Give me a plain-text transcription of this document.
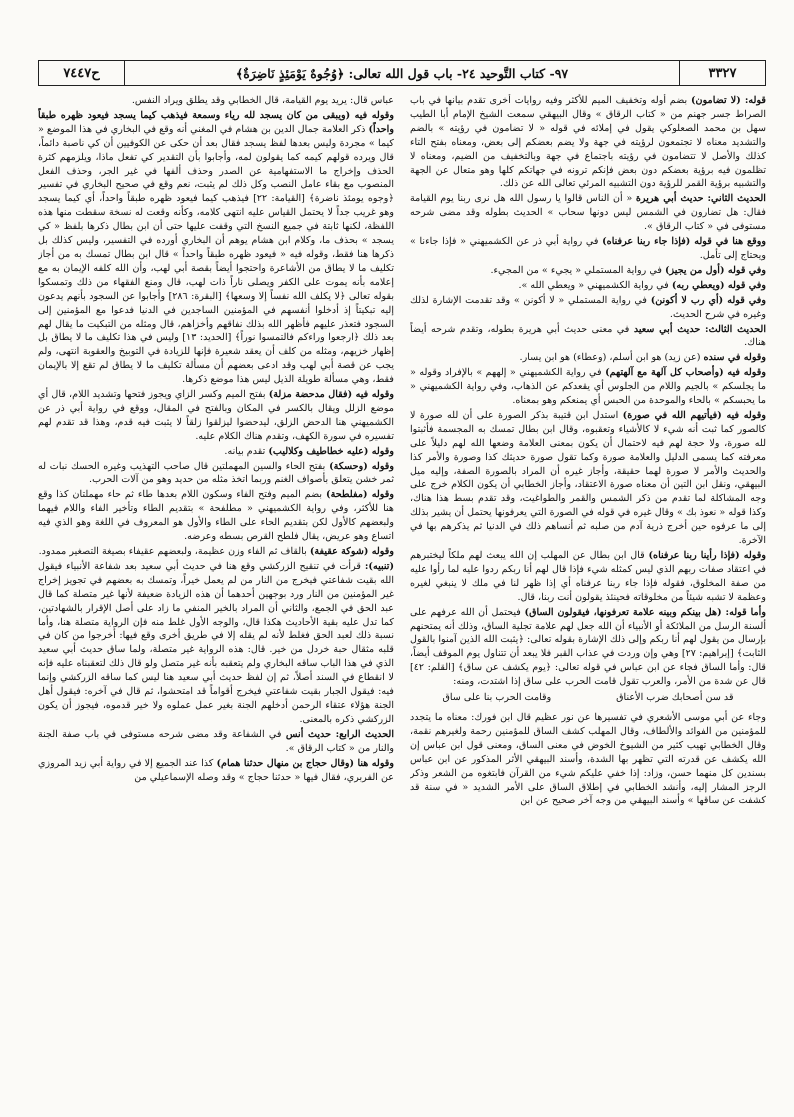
٣٣٢٧
٩٧- كتاب التَّوحيد ٢٤- باب قول الله تعالى: ﴿وُجُوهٌ يَوْمَئِذٍ نَاضِرَةٌ﴾
ح٧٤٤٧

قوله: (لا تضامون) بضم أوله وتخفيف الميم للأكثر وفيه روايات أخرى تقدم بيانها في باب الصراط جسر جهنم من « كتاب الرقاق » وقال البيهقي سمعت الشيخ الإمام أبا الطيب سهل بن محمد الصعلوكي يقول في إملائه في قوله « لا تضامون في رؤيته » بالضم والتشديد معناه لا تجتمعون لرؤيته في جهة ولا يضم بعضكم إلى بعض، ومعناه بفتح التاء كذلك والأصل لا تتضامون في رؤيته باجتماع في جهة وبالتخفيف من الضيم، ومعناه لا تظلمون فيه برؤية بعضكم دون بعض فإنكم ترونه في جهاتكم كلها وهو متعال عن الجهة والتشبيه برؤية القمر للرؤية دون التشبيه المرئي تعالى الله عن ذلك.

الحديث الثاني: حديث أبي هريرة « أن الناس قالوا يا رسول الله هل نرى ربنا يوم القيامة فقال: هل تضارون في الشمس ليس دونها سحاب » الحديث بطوله وقد مضى شرحه مستوفى في « كتاب الرقاق ».

ووقع هنا في قوله (فإذا جاء ربنا عرفناه) في رواية أبي ذر عن الكشميهني « فإذا جاءنا » ويحتاج إلى تأمل.

وفي قوله (أول من يجيز) في رواية المستملي « يجيء » من المجيء.

وفي قوله (ويعطي ربه) في رواية الكشميهني « ويعطي الله ».

وفي قوله (أي رب لا أكونن) في رواية المستملي « لا أكونن » وقد تقدمت الإشارة لذلك وغيره في شرح الحديث.

الحديث الثالث: حديث أبي سعيد في معنى حديث أبي هريرة بطوله، وتقدم شرحه أيضاً هناك.

وقوله في سنده (عن زيد) هو ابن أسلم، (وعطاء) هو ابن يسار.

وقوله فيه (وأصحاب كل آلهة مع آلهتهم) في رواية الكشميهني « إلههم » بالإفراد وقوله « ما يجلسكم » بالجيم واللام من الجلوس أي يقعدكم عن الذهاب، وفي رواية الكشميهني « ما يحبسكم » بالحاء والموحدة من الحبس أي يمنعكم وهو بمعناه.

وقوله فيه (فيأتيهم الله في صورة) استدل ابن قتيبة بذكر الصورة على أن لله صورة لا كالصور كما ثبت أنه شيء لا كالأشياء وتعقبوه، وقال ابن بطال تمسك به المجسمة فأثبتوا لله صورة، ولا حجة لهم فيه لاحتمال أن يكون بمعنى العلامة وضعها الله لهم دليلاً على معرفته كما يسمى الدليل والعلامة صورة وكما تقول صورة حديثك كذا وصورة والأمر كذا والحديث والأمر لا صورة لهما حقيقة، وأجاز غيره أن المراد بالصورة الصفة، وإليه ميل البيهقي، ونقل ابن التين أن معناه صورة الاعتقاد، وأجاز الخطابي أن يكون الكلام خرج على وجه المشاكلة لما تقدم من ذكر الشمس والقمر والطواغيت، وقد تقدم بسط هذا هناك، وكذا قوله « نعوذ بك » وقال غيره في قوله في الصورة التي يعرفونها يحتمل أن يشير بذلك إلى ما عرفوه حين أخرج ذرية آدم من صلبه ثم أنساهم ذلك في الدنيا ثم يذكرهم بها في الآخرة.

وقوله (فإذا رأينا ربنا عرفناه) قال ابن بطال عن المهلب إن الله يبعث لهم ملكاً ليختبرهم في اعتقاد صفات ربهم الذي ليس كمثله شيء فإذا قال لهم أنا ربكم ردوا عليه لما رأوا عليه من صفة المخلوق، فقوله فإذا جاء ربنا عرفناه أي إذا ظهر لنا في ملك لا ينبغي لغيره وعظمة لا تشبه شيئاً من مخلوقاته فحينئذ يقولون أنت ربنا، قال.

وأما قوله: (هل بينكم وبينه علامة تعرفونها، فيقولون الساق) فيحتمل أن الله عرفهم على ألسنة الرسل من الملائكة أو الأنبياء أن الله جعل لهم علامة تجلية الساق، وذلك أنه يمتحنهم بإرسال من يقول لهم أنا ربكم وإلى ذلك الإشارة بقوله تعالى: ﴿يثبت الله الذين آمنوا بالقول الثابت﴾ [إبراهيم: ٢٧] وهي وإن وردت في عذاب القبر فلا يبعد أن تتناول يوم الموقف أيضاً، قال: وأما الساق فجاء عن ابن عباس في قوله تعالى: ﴿يوم يكشف عن ساق﴾ [القلم: ٤٢] قال عن شدة من الأمر، والعرب تقول قامت الحرب على ساق إذا اشتدت، ومنه:

قد سن أصحابك ضرب الأعناق
وقامت الحرب بنا على ساق

وجاء عن أبي موسى الأشعري في تفسيرها عن نور عظيم قال ابن فورك: معناه ما يتجدد للمؤمنين من الفوائد والألطاف، وقال المهلب كشف الساق للمؤمنين رحمة ولغيرهم نقمة، وقال الخطابي تهيب كثير من الشيوخ الخوض في معنى الساق، ومعنى قول ابن عباس إن الله يكشف عن قدرته التي تظهر بها الشدة، وأسند البيهقي الأثر المذكور عن ابن عباس بسندين كل منهما حسن، وزاد: إذا خفي عليكم شيء من القرآن فابتغوه من الشعر وذكر الرجز المشار إليه، وأنشد الخطابي في إطلاق الساق على الأمر الشديد « في سنة قد كشفت عن ساقها » وأسند البيهقي من وجه آخر صحيح عن ابن

عباس قال: يريد يوم القيامة، قال الخطابي وقد يطلق ويراد النفس.

وقوله فيه (ويبقى من كان يسجد لله رياء وسمعة فيذهب كيما يسجد فيعود ظهره طبقاً واحداً) ذكر العلامة جمال الدين بن هشام في المغني أنه وقع في البخاري في هذا الموضع « كيما » مجردة وليس بعدها لفظ يسجد فقال بعد أن حكى عن الكوفيين أن كي ناصبة دائماً، قال ويرده قولهم كيمه كما يقولون لمه، وأجابوا بأن التقدير كي تفعل ماذا، ويلزمهم كثرة الحذف وإخراج ما الاستفهامية عن الصدر وحذف ألفها في غير الجر، وحذف الفعل المنصوب مع بقاء عامل النصب وكل ذلك لم يثبت، نعم وقع في صحيح البخاري في تفسير ﴿وجوه يومئذ ناضرة﴾ [القيامة: ٢٢] فيذهب كيما فيعود ظهره طبقاً واحداً، أي كيما يسجد وهو غريب جداً لا يحتمل القياس عليه انتهى كلامه، وكأنه وقعت له نسخة سقطت منها هذه اللفظة، لكنها ثابتة في جميع النسخ التي وقفت عليها حتى أن ابن بطال ذكرها بلفظ « كي يسجد » بحذف ما، وكلام ابن هشام يوهم أن البخاري أورده في التفسير، وليس كذلك بل ذكرها هنا فقط، وقوله فيه « فيعود ظهره طبقاً واحداً » قال ابن بطال تمسك به من أجاز تكليف ما لا يطاق من الأشاعرة واحتجوا أيضاً بقصة أبي لهب، وأن الله كلفه الإيمان به مع إعلامه بأنه يموت على الكفر ويصلى ناراً ذات لهب، قال ومنع الفقهاء من ذلك وتمسكوا بقوله تعالى ﴿لا يكلف الله نفساً إلا وسعها﴾ [البقرة: ٢٨٦] وأجابوا عن السجود بأنهم يدعون إليه تبكيتاً إذ أدخلوا أنفسهم في المؤمنين الساجدين في الدنيا فدعوا مع المؤمنين إلى السجود فتعذر عليهم فأظهر الله بذلك نفاقهم وأخزاهم، قال ومثله من التبكيت ما يقال لهم بعد ذلك ﴿ارجعوا وراءكم فالتمسوا نوراً﴾ [الحديد: ١٣] وليس في هذا تكليف ما لا يطاق بل إظهار خزيهم، ومثله من كلف أن يعقد شعيرة فإنها للزيادة في التوبيخ والعقوبة انتهى، ولم يجب عن قصة أبي لهب وقد ادعى بعضهم أن مسألة تكليف ما لا يطاق لم تقع إلا بالإيمان فقط، وهي مسألة طويلة الذيل ليس هذا موضع ذكرها.

وقوله فيه (فقال مدحضة مزلة) بفتح الميم وكسر الزاي ويجوز فتحها وتشديد اللام، قال أي موضع الزلل ويقال بالكسر في المكان وبالفتح في المقال، ووقع في رواية أبي ذر عن الكشميهني هنا الدحض الزلق، ليدحضوا ليزلقوا زلقاً لا يثبت فيه قدم، وهذا قد تقدم لهم تفسيره في سورة الكهف، وتقدم هناك الكلام عليه.

وقوله (عليه خطاطيف وكلاليب) تقدم بيانه.

وقوله (وحسكة) بفتح الحاء والسين المهملتين قال صاحب التهذيب وغيره الحسك نبات له ثمر خشن يتعلق بأصواف الغنم وربما اتخذ مثله من حديد وهو من آلات الحرب.

وقوله (مفلطحة) بضم الميم وفتح الفاء وسكون اللام بعدها طاء ثم حاء مهملتان كذا وقع هنا للأكثر، وفي رواية الكشميهني « مطلفحة » بتقديم الطاء وتأخير الفاء واللام فيهما ولبعضهم كالأول لكن بتقديم الحاء على الطاء والأول هو المعروف في اللغة وهو الذي فيه اتساع وهو عريض، يقال فلطح القرص بسطه وعرضه.

وقوله (شوكة عقيفة) بالقاف ثم الفاء وزن عظيمة، ولبعضهم عقيفاء بصيغة التصغير ممدود.

(تنبيه): قرأت في تنقيح الزركشي وقع هنا في حديث أبي سعيد بعد شفاعة الأنبياء فيقول الله بقيت شفاعتي فيخرج من النار من لم يعمل خيراً، وتمسك به بعضهم في تجويز إخراج غير المؤمنين من النار ورد بوجهين أحدهما أن هذه الزيادة ضعيفة لأنها غير متصلة كما قال عبد الحق في الجمع، والثاني أن المراد بالخير المنفي ما زاد على أصل الإقرار بالشهادتين، كما تدل عليه بقية الأحاديث هكذا قال، والوجه الأول غلط منه فإن الرواية متصلة هنا، وأما نسبة ذلك لعبد الحق فغلط لأنه لم يقله إلا في طريق أخرى وقع فيها: أخرجوا من كان في قلبه مثقال حبة خردل من خير. قال: هذه الرواية غير متصلة، ولما ساق حديث أبي سعيد الذي في هذا الباب ساقه البخاري ولم يتعقبه بأنه غير متصل ولو قال ذلك لتعقبناه عليه فإنه لا انقطاع في السند أصلاً، ثم إن لفظ حديث أبي سعيد هنا ليس كما ساقه الزركشي وإنما فيه: فيقول الجبار بقيت شفاعتي فيخرج أقواماً قد امتحشوا، ثم قال في آخره: فيقول أهل الجنة هؤلاء عتقاء الرحمن أدخلهم الجنة بغير عمل عملوه ولا خير قدموه، فيجوز أن يكون الزركشي ذكره بالمعنى.

الحديث الرابع: حديث أنس في الشفاعة وقد مضى شرحه مستوفى في باب صفة الجنة والنار من « كتاب الرقاق ».

وقوله هنا (وقال حجاج بن منهال حدثنا همام) كذا عند الجميع إلا في رواية أبي زيد المروزي عن الفربري، فقال فيها « حدثنا حجاج » وقد وصله الإسماعيلي من
